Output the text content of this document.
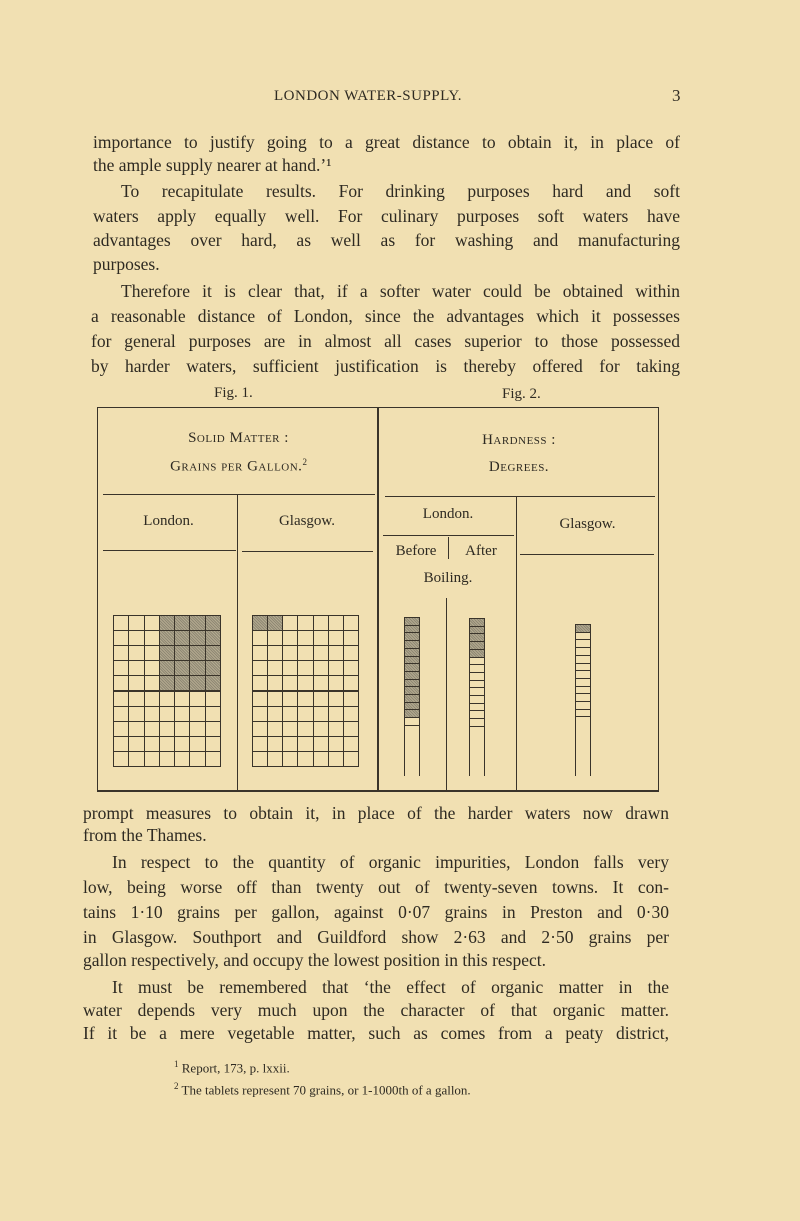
LONDON WATER-SUPPLY.	3
importance to justify going to a great distance to obtain it, in place of
the ample supply nearer at hand.’¹
To recapitulate results. For drinking purposes hard and soft
waters apply equally well. For culinary purposes soft waters have
advantages over hard, as well as for washing and manufacturing
purposes.
Therefore it is clear that, if a softer water could be obtained within
a reasonable distance of London, since the advantages which it possesses
for general purposes are in almost all cases superior to those possessed
by harder waters, sufficient justification is thereby offered for taking
Fig. 1.	Fig. 2.
Solid Matter :
Grains per Gallon.$^2$
Hardness :
Degrees.
London.	Glasgow.	London.
Glasgow.
Before	After
Boiling.
prompt measures to obtain it, in place of the harder waters now drawn
from the Thames.
In respect to the quantity of organic impurities, London falls very
low, being worse off than twenty out of twenty-seven towns. It con-
tains 1·10 grains per gallon, against 0·07 grains in Preston and 0·30
in Glasgow. Southport and Guildford show 2·63 and 2·50 grains per
gallon respectively, and occupy the lowest position in this respect.
It must be remembered that ‘the effect of organic matter in the
water depends very much upon the character of that organic matter.
If it be a mere vegetable matter, such as comes from a peaty district,
$^1$ Report, 173, p. lxxii.
$^2$ The tablets represent 70 grains, or 1-1000th of a gallon.
